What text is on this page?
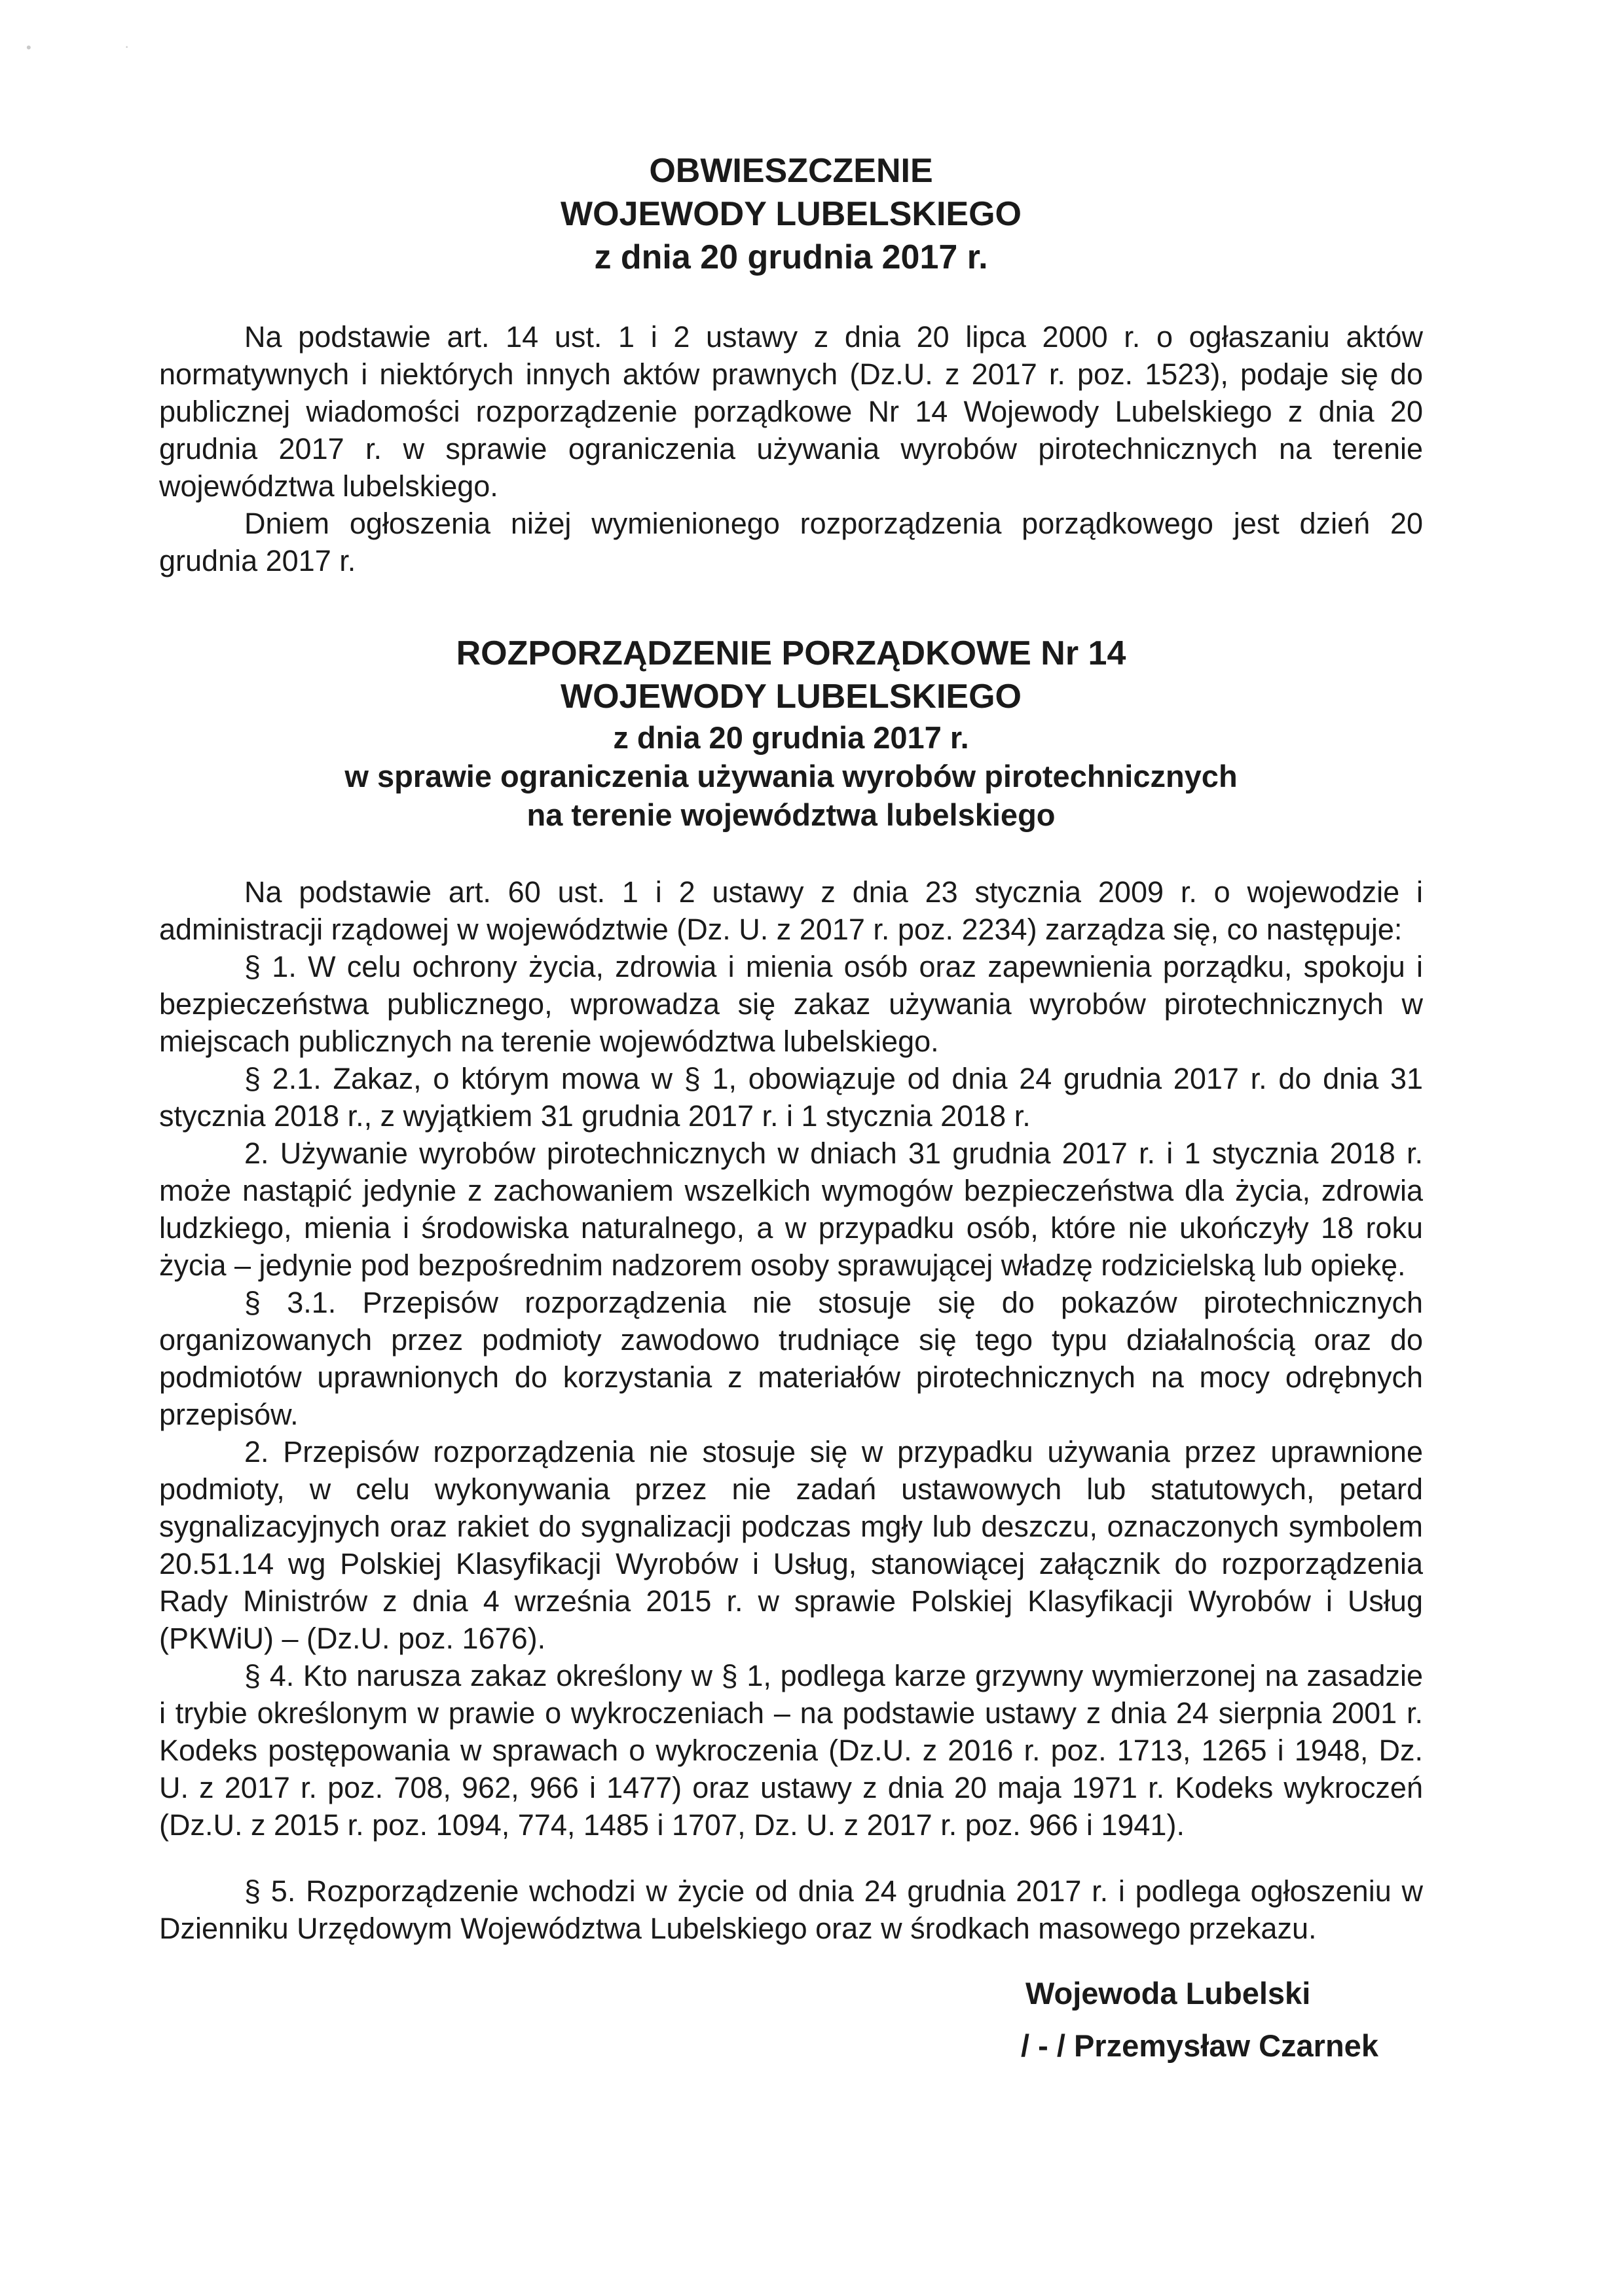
•	·
OBWIESZCZENIE
WOJEWODY LUBELSKIEGO
z dnia 20 grudnia 2017 r.

Na podstawie art. 14 ust. 1 i 2 ustawy z dnia 20 lipca 2000 r. o ogłaszaniu aktów normatywnych i niektórych innych aktów prawnych (Dz.U. z 2017 r. poz. 1523), podaje się do publicznej wiadomości rozporządzenie porządkowe Nr 14 Wojewody Lubelskiego z dnia 20 grudnia 2017 r. w sprawie ograniczenia używania wyrobów pirotechnicznych na terenie województwa lubelskiego.

Dniem ogłoszenia niżej wymienionego rozporządzenia porządkowego jest dzień 20 grudnia 2017 r.

ROZPORZĄDZENIE PORZĄDKOWE Nr 14
WOJEWODY LUBELSKIEGO
z dnia 20 grudnia 2017 r.
w sprawie ograniczenia używania wyrobów pirotechnicznych
na terenie województwa lubelskiego

Na podstawie art. 60 ust. 1 i 2 ustawy z dnia 23 stycznia 2009 r. o wojewodzie i administracji rządowej w województwie (Dz. U. z 2017 r. poz. 2234) zarządza się, co następuje:

§ 1. W celu ochrony życia, zdrowia i mienia osób oraz zapewnienia porządku, spokoju i bezpieczeństwa publicznego, wprowadza się zakaz używania wyrobów pirotechnicznych w miejscach publicznych na terenie województwa lubelskiego.

§ 2.1. Zakaz, o którym mowa w § 1, obowiązuje od dnia 24 grudnia 2017 r. do dnia 31 stycznia 2018 r., z wyjątkiem 31 grudnia 2017 r. i 1 stycznia 2018 r.

2. Używanie wyrobów pirotechnicznych w dniach 31 grudnia 2017 r. i 1 stycznia 2018 r. może nastąpić jedynie z zachowaniem wszelkich wymogów bezpieczeństwa dla życia, zdrowia ludzkiego, mienia i środowiska naturalnego, a w przypadku osób, które nie ukończyły 18 roku życia – jedynie pod bezpośrednim nadzorem osoby sprawującej władzę rodzicielską lub opiekę.

§ 3.1. Przepisów rozporządzenia nie stosuje się do pokazów pirotechnicznych organizowanych przez podmioty zawodowo trudniące się tego typu działalnością oraz do podmiotów uprawnionych do korzystania z materiałów pirotechnicznych na mocy odrębnych przepisów.

2. Przepisów rozporządzenia nie stosuje się w przypadku używania przez uprawnione podmioty, w celu wykonywania przez nie zadań ustawowych lub statutowych, petard sygnalizacyjnych oraz rakiet do sygnalizacji podczas mgły lub deszczu, oznaczonych symbolem 20.51.14 wg Polskiej Klasyfikacji Wyrobów i Usług, stanowiącej załącznik do rozporządzenia Rady Ministrów z dnia 4 września 2015 r. w sprawie Polskiej Klasyfikacji Wyrobów i Usług (PKWiU) – (Dz.U. poz. 1676).

§ 4. Kto narusza zakaz określony w § 1, podlega karze grzywny wymierzonej na zasadzie i trybie określonym w prawie o wykroczeniach – na podstawie ustawy z dnia 24 sierpnia 2001 r. Kodeks postępowania w sprawach o wykroczenia (Dz.U. z 2016 r. poz. 1713, 1265 i 1948, Dz. U. z 2017 r. poz. 708, 962, 966 i 1477) oraz ustawy z dnia 20 maja 1971 r. Kodeks wykroczeń (Dz.U. z 2015 r. poz. 1094, 774, 1485 i 1707, Dz. U. z 2017 r. poz. 966 i 1941).

§ 5. Rozporządzenie wchodzi w życie od dnia 24 grudnia 2017 r. i podlega ogłoszeniu w Dzienniku Urzędowym Województwa Lubelskiego oraz w środkach masowego przekazu.

Wojewoda Lubelski
/ - / Przemysław Czarnek
